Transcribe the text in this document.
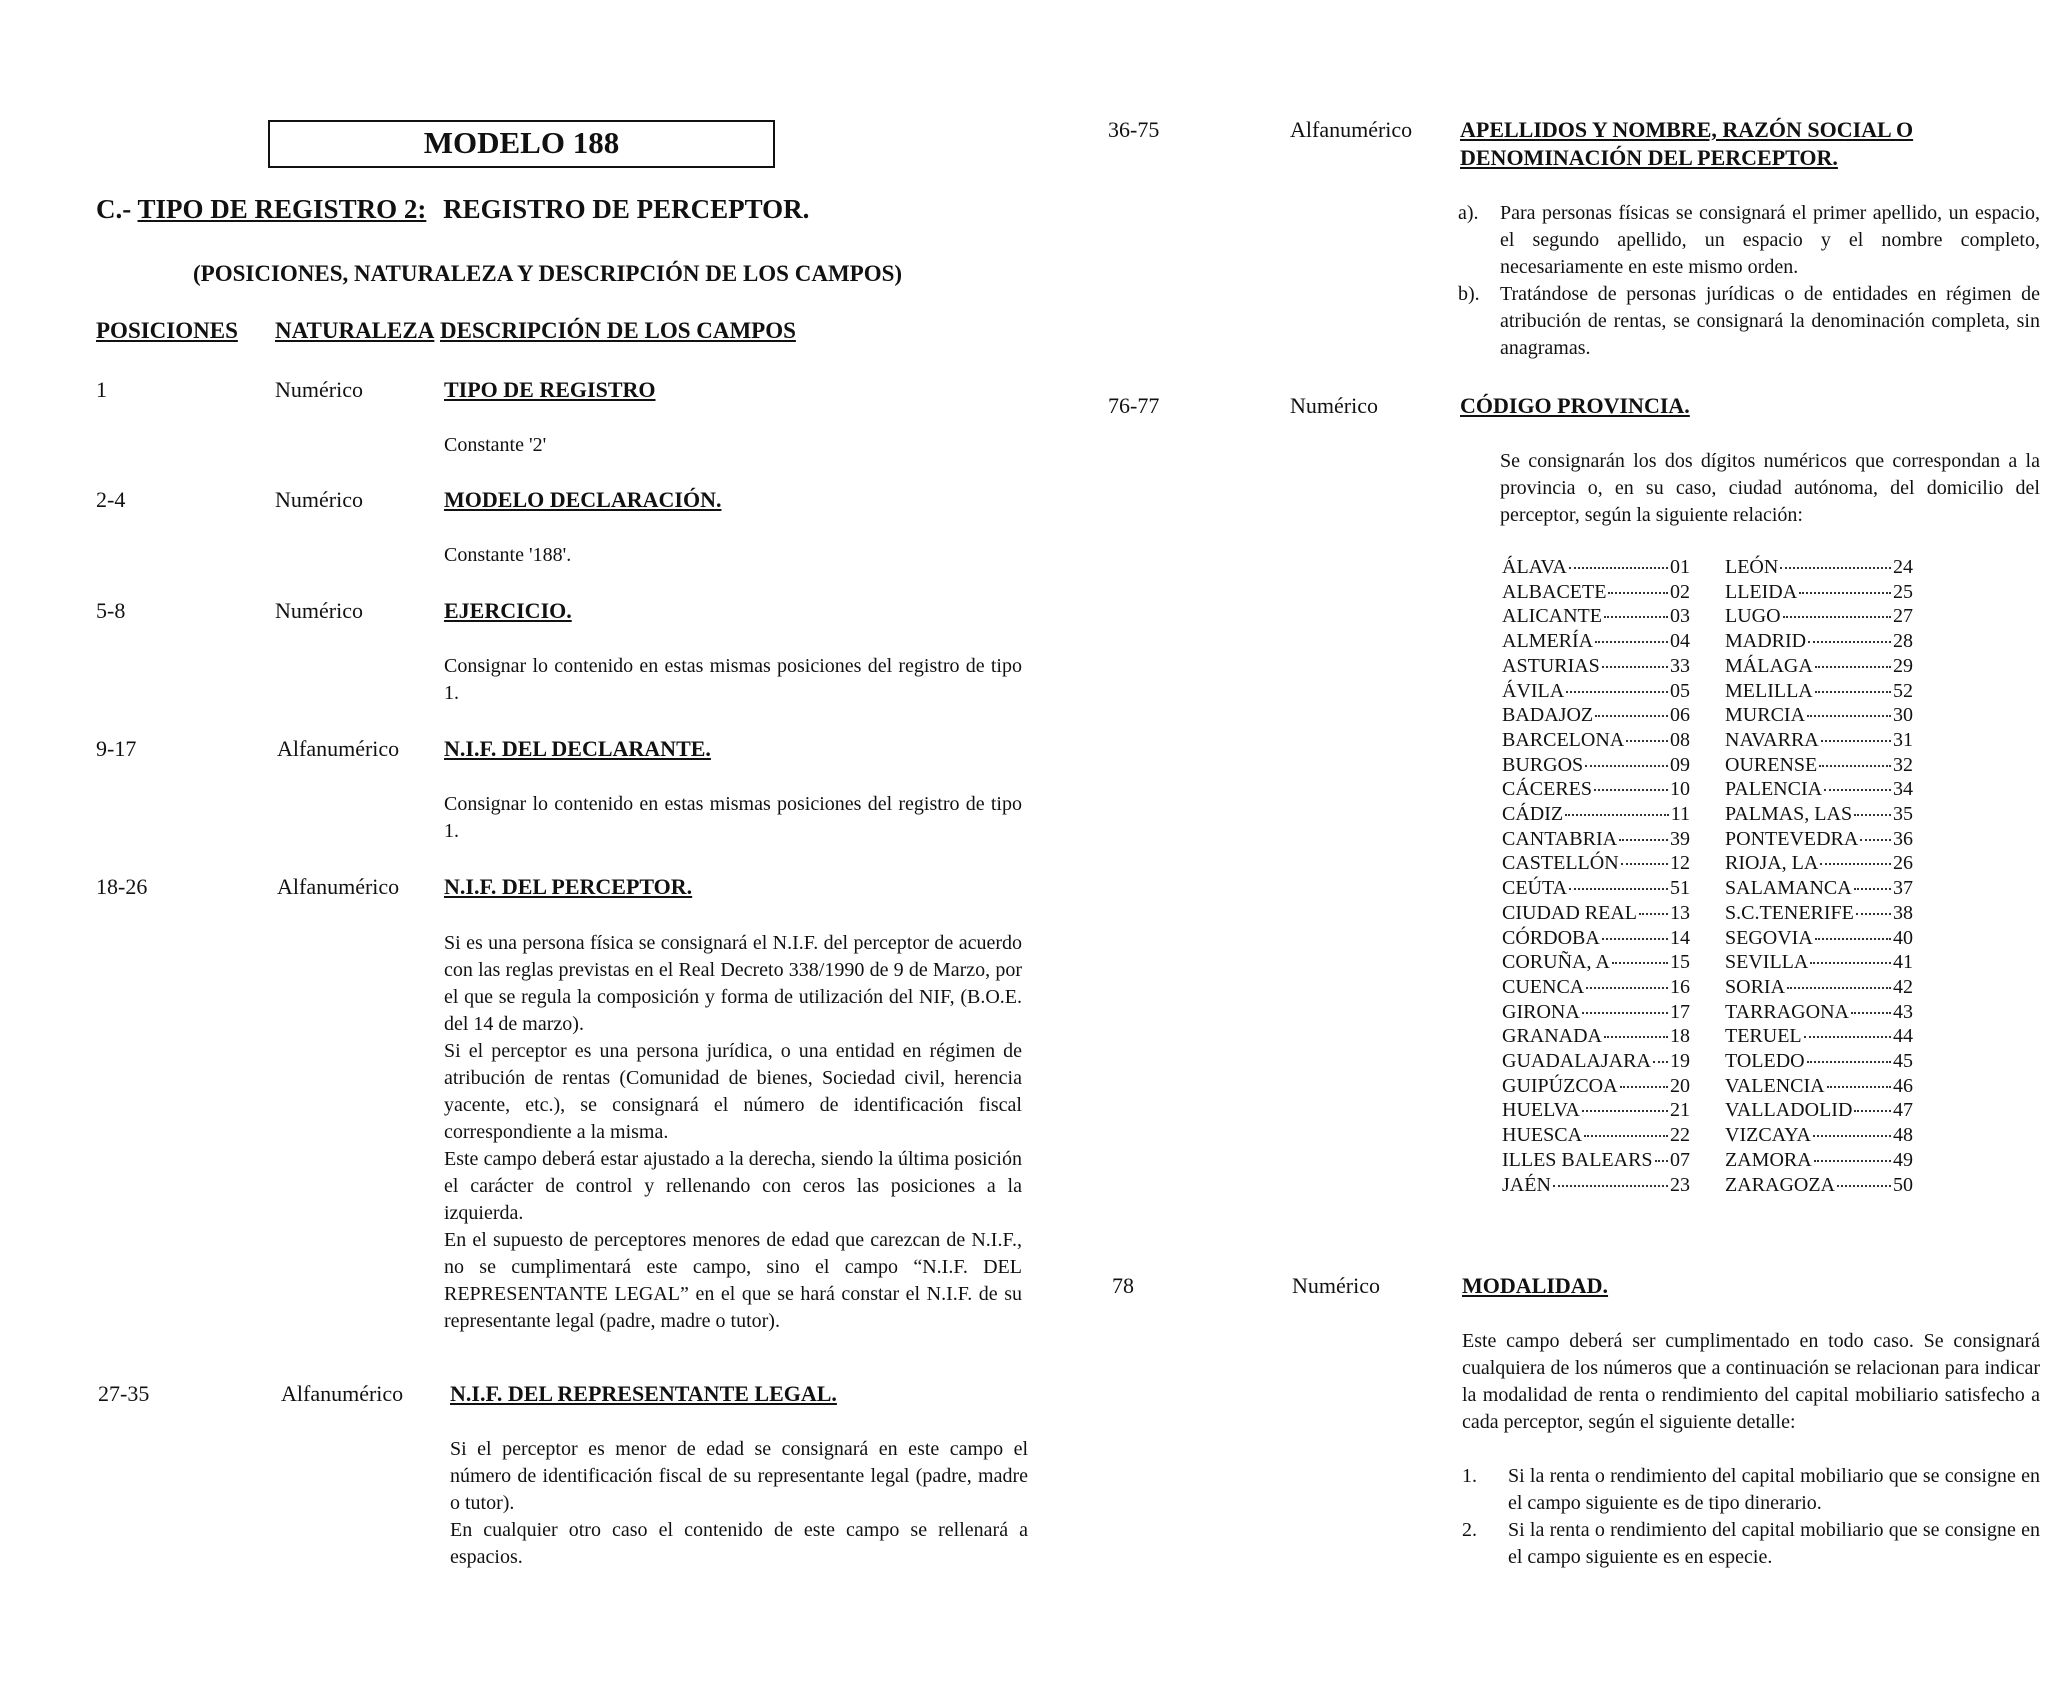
MODELO 188
C.- TIPO DE REGISTRO 2: REGISTRO DE PERCEPTOR.
(POSICIONES, NATURALEZA Y DESCRIPCIÓN DE LOS CAMPOS)
POSICIONES NATURALEZA DESCRIPCIÓN DE LOS CAMPOS
1	Numérico	TIPO DE REGISTRO
Constante '2'
2-4	Numérico	MODELO DECLARACIÓN.
Constante '188'.
5-8	Numérico	EJERCICIO.
Consignar lo contenido en estas mismas posiciones del registro de tipo 1.
9-17	Alfanumérico N.I.F. DEL DECLARANTE.
Consignar lo contenido en estas mismas posiciones del registro de tipo 1.
18-26	Alfanumérico N.I.F. DEL PERCEPTOR.
Si es una persona física se consignará el N.I.F. del perceptor de acuerdo con las reglas previstas en el Real Decreto 338/1990 de 9 de Marzo, por el que se regula la composición y forma de utilización del NIF, (B.O.E. del 14 de marzo).
Si el perceptor es una persona jurídica, o una entidad en régimen de atribución de rentas (Comunidad de bienes, Sociedad civil, herencia yacente, etc.), se consignará el número de identificación fiscal correspondiente a la misma.
Este campo deberá estar ajustado a la derecha, siendo la última posición el carácter de control y rellenando con ceros las posiciones a la izquierda.
En el supuesto de perceptores menores de edad que carezcan de N.I.F., no se cumplimentará este campo, sino el campo “N.I.F. DEL REPRESENTANTE LEGAL” en el que se hará constar el N.I.F. de su representante legal (padre, madre o tutor).
27-35	Alfanumérico N.I.F. DEL REPRESENTANTE LEGAL.
Si el perceptor es menor de edad se consignará en este campo el número de identificación fiscal de su representante legal (padre, madre o tutor).
En cualquier otro caso el contenido de este campo se rellenará a espacios.
36-75	Alfanumérico APELLIDOS Y NOMBRE, RAZÓN SOCIAL O
DENOMINACIÓN DEL PERCEPTOR.
a).	Para personas físicas se consignará el primer apellido, un espacio, el segundo apellido, un espacio y el nombre completo, necesariamente en este mismo orden.
b).	Tratándose de personas jurídicas o de entidades en régimen de atribución de rentas, se consignará la denominación completa, sin anagramas.
76-77	Numérico	CÓDIGO PROVINCIA.
Se consignarán los dos dígitos numéricos que correspondan a la provincia o, en su caso, ciudad autónoma, del domicilio del perceptor, según la siguiente relación:
ÁLAVA	01
ALBACETE	02
ALICANTE	03
ALMERÍA	04
ASTURIAS	33
ÁVILA	05
BADAJOZ	06
BARCELONA 08
BURGOS	09
CÁCERES	10
CÁDIZ	11
CANTABRIA	39
CASTELLÓN	12
CEÚTA	51
CIUDAD REAL 13
CÓRDOBA	14
CORUÑA, A	15
CUENCA	16
GIRONA	17
GRANADA	18
GUADALAJARA 19
GUIPÚZCOA	20
HUELVA	21
HUESCA	22
ILLES BALEARS 07
JAÉN	23
LEÓN	24
LLEIDA	25
LUGO	27
MADRID	28
MÁLAGA	29
MELILLA	52
MURCIA	30
NAVARRA	31
OURENSE	32
PALENCIA	34
PALMAS, LAS 35
PONTEVEDRA 36
RIOJA, LA	26
SALAMANCA 37
S.C.TENERIFE 38
SEGOVIA	40
SEVILLA	41
SORIA	42
TARRAGONA 43
TERUEL	44
TOLEDO	45
VALENCIA	46
VALLADOLID 47
VIZCAYA	48
ZAMORA	49
ZARAGOZA	50
78	Numérico	MODALIDAD.
Este campo deberá ser cumplimentado en todo caso. Se consignará cualquiera de los números que a continuación se relacionan para indicar la modalidad de renta o rendimiento del capital mobiliario satisfecho a cada perceptor, según el siguiente detalle:
1.	Si la renta o rendimiento del capital mobiliario que se consigne en el campo siguiente es de tipo dinerario.
2.	Si la renta o rendimiento del capital mobiliario que se consigne en el campo siguiente es en especie.
